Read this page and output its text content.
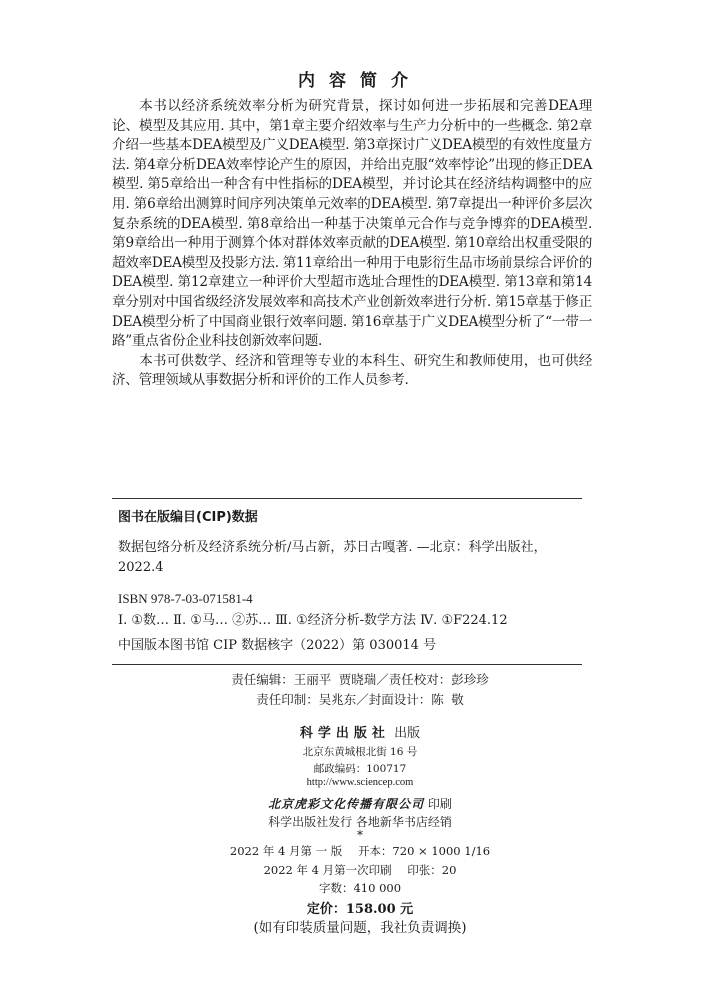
内容简介

本书以经济系统效率分析为研究背景，探讨如何进一步拓展和完善DEA理论、模型及其应用. 其中，第1章主要介绍效率与生产力分析中的一些概念. 第2章介绍一些基本DEA模型及广义DEA模型. 第3章探讨广义DEA模型的有效性度量方法. 第4章分析DEA效率悖论产生的原因，并给出克服“效率悖论”出现的修正DEA模型. 第5章给出一种含有中性指标的DEA模型，并讨论其在经济结构调整中的应用. 第6章给出测算时间序列决策单元效率的DEA模型. 第7章提出一种评价多层次复杂系统的DEA模型. 第8章给出一种基于决策单元合作与竞争博弈的DEA模型. 第9章给出一种用于测算个体对群体效率贡献的DEA模型. 第10章给出权重受限的超效率DEA模型及投影方法. 第11章给出一种用于电影衍生品市场前景综合评价的DEA模型. 第12章建立一种评价大型超市选址合理性的DEA模型. 第13章和第14章分别对中国省级经济发展效率和高技术产业创新效率进行分析. 第15章基于修正DEA模型分析了中国商业银行效率问题. 第16章基于广义DEA模型分析了“一带一路”重点省份企业科技创新效率问题.

本书可供数学、经济和管理等专业的本科生、研究生和教师使用，也可供经济、管理领域从事数据分析和评价的工作人员参考.

图书在版编目(CIP)数据
数据包络分析及经济系统分析/马占新，苏日古嘎著. —北京：科学出版社，2022.4
ISBN 978-7-03-071581-4
Ⅰ. ①数… Ⅱ. ①马… ②苏… Ⅲ. ①经济分析-数学方法 Ⅳ. ①F224.12
中国版本图书馆 CIP 数据核字（2022）第 030014 号
责任编辑：王丽平 贾晓瑞／责任校对：彭珍珍
责任印制：吴兆东／封面设计：陈 敬
科学出版社 出版
北京东黄城根北街 16 号
邮政编码：100717
http://www.sciencep.com
北京虎彩文化传播有限公司 印刷
科学出版社发行 各地新华书店经销
*
2022 年 4 月第 一 版 开本：720 × 1000 1/16
2022 年 4 月第一次印刷 印张：20
字数：410 000
定价：158.00 元
(如有印装质量问题，我社负责调换)
